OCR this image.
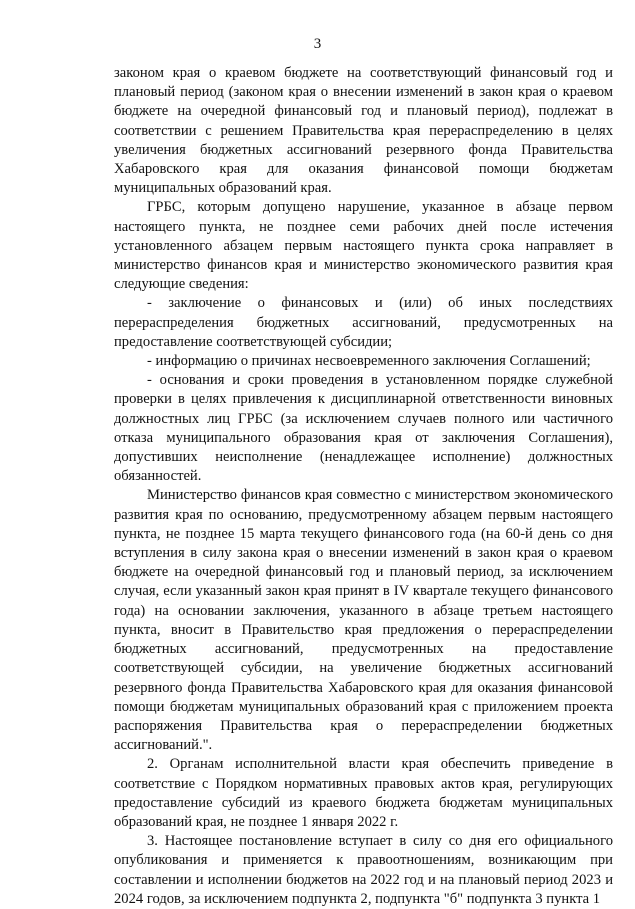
3

законом края о краевом бюджете на соответствующий финансовый год и плановый период (законом края о внесении изменений в закон края о краевом бюджете на очередной финансовый год и плановый период), подлежат в соответствии с решением Правительства края перераспределению в целях увеличения бюджетных ассигнований резервного фонда Правительства Хабаровского края для оказания финансовой помощи бюджетам муниципальных образований края.

ГРБС, которым допущено нарушение, указанное в абзаце первом настоящего пункта, не позднее семи рабочих дней после истечения установленного абзацем первым настоящего пункта срока направляет в министерство финансов края и министерство экономического развития края следующие сведения:

- заключение о финансовых и (или) об иных последствиях перераспределения бюджетных ассигнований, предусмотренных на предоставление соответствующей субсидии;

- информацию о причинах несвоевременного заключения Соглашений;

- основания и сроки проведения в установленном порядке служебной проверки в целях привлечения к дисциплинарной ответственности виновных должностных лиц ГРБС (за исключением случаев полного или частичного отказа муниципального образования края от заключения Соглашения), допустивших неисполнение (ненадлежащее исполнение) должностных обязанностей.

Министерство финансов края совместно с министерством экономического развития края по основанию, предусмотренному абзацем первым настоящего пункта, не позднее 15 марта текущего финансового года (на 60-й день со дня вступления в силу закона края о внесении изменений в закон края о краевом бюджете на очередной финансовый год и плановый период, за исключением случая, если указанный закон края принят в IV квартале текущего финансового года) на основании заключения, указанного в абзаце третьем настоящего пункта, вносит в Правительство края предложения о перераспределении бюджетных ассигнований, предусмотренных на предоставление соответствующей субсидии, на увеличение бюджетных ассигнований резервного фонда Правительства Хабаровского края для оказания финансовой помощи бюджетам муниципальных образований края с приложением проекта распоряжения Правительства края о перераспределении бюджетных ассигнований.".

2. Органам исполнительной власти края обеспечить приведение в соответствие с Порядком нормативных правовых актов края, регулирующих предоставление субсидий из краевого бюджета бюджетам муниципальных образований края, не позднее 1 января 2022 г.

3. Настоящее постановление вступает в силу со дня его официального опубликования и применяется к правоотношениям, возникающим при составлении и исполнении бюджетов на 2022 год и на плановый период 2023 и 2024 годов, за исключением подпункта 2, подпункта "б" подпункта 3 пункта 1
